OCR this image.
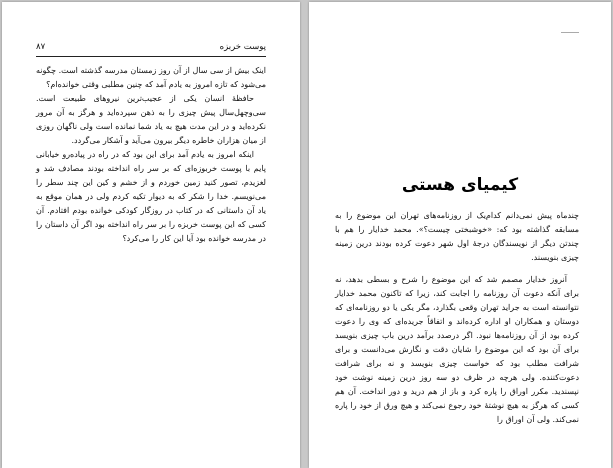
۸۷	پوست خربزه

اینک بیش از سی سال از آن روز زمستان مدرسه گذشته است. چگونه می‌شود که تازه امروز به یادم آمد که چنین مطلبی وقتی خوانده‌ام؟

حافظهٔ انسان یکی از عجیب‌ترین نیروهای طبیعت است. سی‌وچهل‌سال پیش چیزی را به ذهن سپرده‌اید و هرگز به آن مرور نکرده‌اید و در این مدت هیچ به یاد شما نمانده است ولی ناگهان روزی از میان هزاران خاطره دیگر بیرون می‌آید و آشکار می‌گردد.

اینکه امروز به یادم آمد برای این بود که در راه در پیاده‌رو خیابانی پایم با پوست خربوزه‌ای که بر سر راه انداخته بودند مصادف شد و لغزیدم، تصور کنید زمین خوردم و از خشم و کین این چند سطر را می‌نویسم. خدا را شکر که به دیوار تکیه کردم ولی در همان موقع به یاد آن داستانی که در کتاب در روزگار کودکی خوانده بودم افتادم. آن کسی که این پوست خربزه را بر سر راه انداخته بود اگر آن داستان را در مدرسه خوانده بود آیا این کار را می‌کرد؟

کیمیای هستی

چندماه پیش نمی‌دانم کدام‌یک از روزنامه‌های تهران این موضوع را به مسابقه گذاشته بود که: «خوشبختی چیست؟». محمد خدایار را هم با چندتن دیگر از نویسندگان درجهٔ اول شهر دعوت کرده بودند درین زمینه چیزی بنویسند.

آنروز خدایار مصمم شد که این موضوع را شرح و بسطی بدهد، نه برای آنکه دعوت آن روزنامه را اجابت کند، زیرا که تاکنون محمد خدایار نتوانسته است به جراید تهران وقعی بگذارد، مگر یکی یا دو روزنامه‌ای که دوستان و همکاران او اداره کرده‌اند و اتفاقاً جریده‌ای که وی را دعوت کرده بود از آن روزنامه‌ها نبود. اگر درصدد برآمد درین باب چیزی بنویسد برای آن بود که این موضوع را شایان دقت و نگارش می‌دانست و برای شرافت مطلب بود که خواست چیزی بنویسد و نه برای شرافت دعوت‌کننده. ولی هرچه در ظرف دو سه روز درین زمینه نوشت خود نپسندید. مکرر اوراق را پاره کرد و باز از هم درید و دور انداخت. آن هم کسی که هرگز به هیچ نوشتهٔ خود رجوع نمی‌کند و هیچ ورق از خود را پاره نمی‌کند. ولی آن اوراق را
